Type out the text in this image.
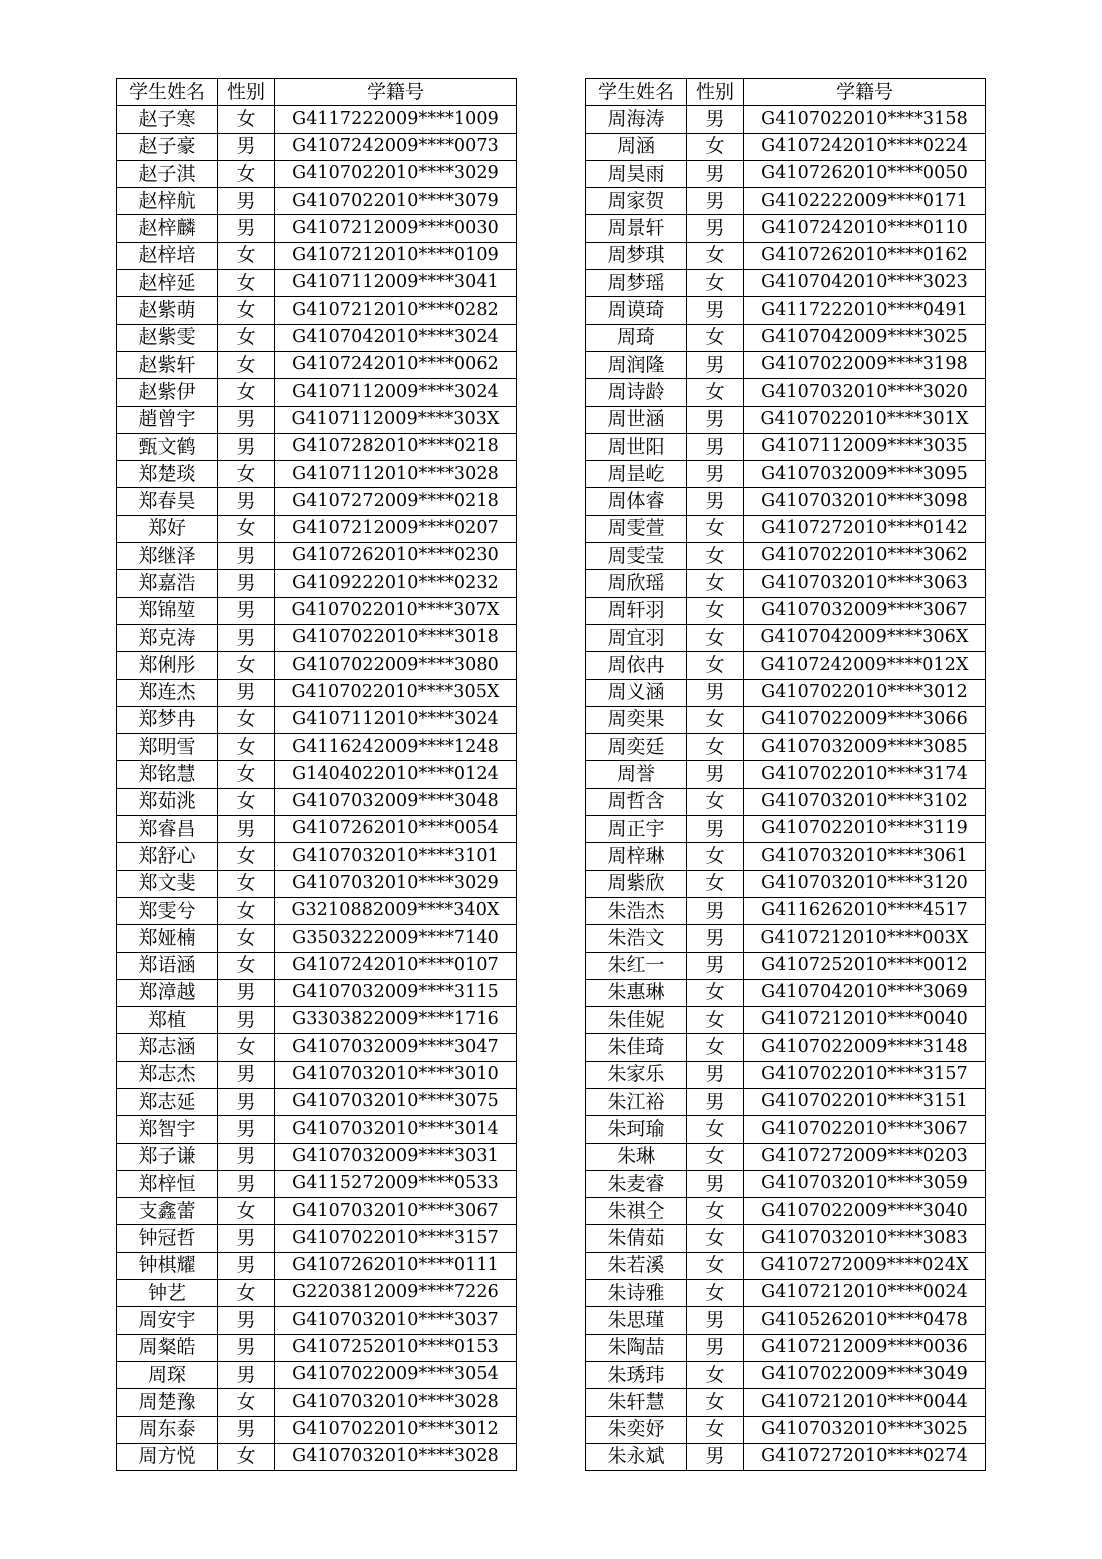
学生姓名	性别	学籍号
赵子寒	女	G4117222009****1009
赵子豪	男	G4107242009****0073
赵子淇	女	G4107022010****3029
赵梓航	男	G4107022010****3079
赵梓麟	男	G4107212009****0030
赵梓培	女	G4107212010****0109
赵梓延	女	G4107112009****3041
赵紫萌	女	G4107212010****0282
赵紫雯	女	G4107042010****3024
赵紫轩	女	G4107242010****0062
赵紫伊	女	G4107112009****3024
趙曾宇	男	G4107112009****303X
甄文鹤	男	G4107282010****0218
郑楚琰	女	G4107112010****3028
郑春昊	男	G4107272009****0218
郑好	女	G4107212009****0207
郑继泽	男	G4107262010****0230
郑嘉浩	男	G4109222010****0232
郑锦堃	男	G4107022010****307X
郑克涛	男	G4107022010****3018
郑俐彤	女	G4107022009****3080
郑连杰	男	G4107022010****305X
郑梦冉	女	G4107112010****3024
郑明雪	女	G4116242009****1248
郑铭慧	女	G1404022010****0124
郑茹洮	女	G4107032009****3048
郑睿昌	男	G4107262010****0054
郑舒心	女	G4107032010****3101
郑文斐	女	G4107032010****3029
郑雯兮	女	G3210882009****340X
郑娅楠	女	G3503222009****7140
郑语涵	女	G4107242010****0107
郑漳越	男	G4107032009****3115
郑植	男	G3303822009****1716
郑志涵	女	G4107032009****3047
郑志杰	男	G4107032010****3010
郑志延	男	G4107032010****3075
郑智宇	男	G4107032010****3014
郑子谦	男	G4107032009****3031
郑梓恒	男	G4115272009****0533
支鑫蕾	女	G4107032010****3067
钟冠哲	男	G4107022010****3157
钟棋耀	男	G4107262010****0111
钟艺	女	G2203812009****7226
周安宇	男	G4107032010****3037
周粲皓	男	G4107252010****0153
周琛	男	G4107022009****3054
周楚豫	女	G4107032010****3028
周东泰	男	G4107022010****3012
周方悦	女	G4107032010****3028
学生姓名	性别	学籍号
周海涛	男	G4107022010****3158
周涵	女	G4107242010****0224
周昊雨	男	G4107262010****0050
周家贺	男	G4102222009****0171
周景轩	男	G4107242010****0110
周梦琪	女	G4107262010****0162
周梦瑶	女	G4107042010****3023
周谟琦	男	G4117222010****0491
周琦	女	G4107042009****3025
周润隆	男	G4107022009****3198
周诗龄	女	G4107032010****3020
周世涵	男	G4107022010****301X
周世阳	男	G4107112009****3035
周昰屹	男	G4107032009****3095
周体睿	男	G4107032010****3098
周雯萱	女	G4107272010****0142
周雯莹	女	G4107022010****3062
周欣瑶	女	G4107032010****3063
周轩羽	女	G4107032009****3067
周宜羽	女	G4107042009****306X
周依冉	女	G4107242009****012X
周义涵	男	G4107022010****3012
周奕果	女	G4107022009****3066
周奕廷	女	G4107032009****3085
周誉	男	G4107022010****3174
周哲含	女	G4107032010****3102
周正宇	男	G4107022010****3119
周梓琳	女	G4107032010****3061
周紫欣	女	G4107032010****3120
朱浩杰	男	G4116262010****4517
朱浩文	男	G4107212010****003X
朱红一	男	G4107252010****0012
朱惠琳	女	G4107042010****3069
朱佳妮	女	G4107212010****0040
朱佳琦	女	G4107022009****3148
朱家乐	男	G4107022010****3157
朱江裕	男	G4107022010****3151
朱珂瑜	女	G4107022010****3067
朱琳	女	G4107272009****0203
朱麦睿	男	G4107032010****3059
朱祺仝	女	G4107022009****3040
朱倩茹	女	G4107032010****3083
朱若溪	女	G4107272009****024X
朱诗雅	女	G4107212010****0024
朱思瑾	男	G4105262010****0478
朱陶喆	男	G4107212009****0036
朱琇玮	女	G4107022009****3049
朱轩慧	女	G4107212010****0044
朱奕妤	女	G4107032010****3025
朱永斌	男	G4107272010****0274
